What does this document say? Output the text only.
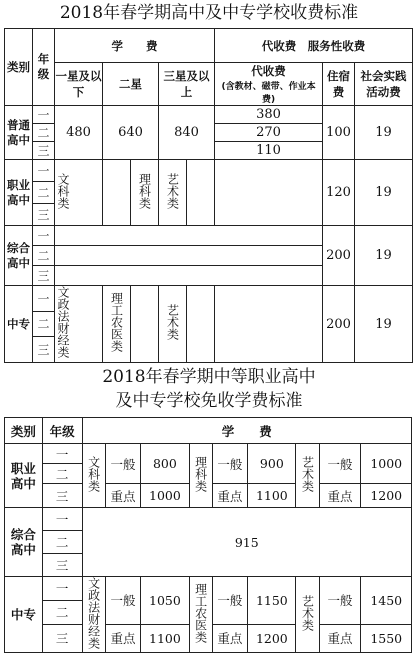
2018年春学期高中及中专学校收费标准
类别	年级	学　　费					代收费　服务性收费		
		一星及以下	二星		三星及以上		代收费
(含教材、磁带、作业本费)	住宿费	社会实践活动费
普通高中	一	480	640		840		380	100	19
	二						270		
	三						110		
职业高中	一	文科类		理科类	艺术类			120	19
	二								
	三								
综合高中	一							200	19
	二								
	三								
中专	一	文政法财经类	理工农医类		艺术类			200	19
	二								
	三								
2018年春学期中等职业高中
及中专学校免收学费标准
类别	年级	学　　费								
职业高中	一	文科类	一般	800	理科类	一般	900	艺术类	一般	1000
	二									
	三		重点	1000		重点	1100		重点	1200
综合高中	一	915								
	二									
	三									
中专	一	文政法财经类	一般	1050	理工农医类	一般	1150	艺术类	一般	1450
	二									
	三		重点	1100		重点	1200		重点	1550
